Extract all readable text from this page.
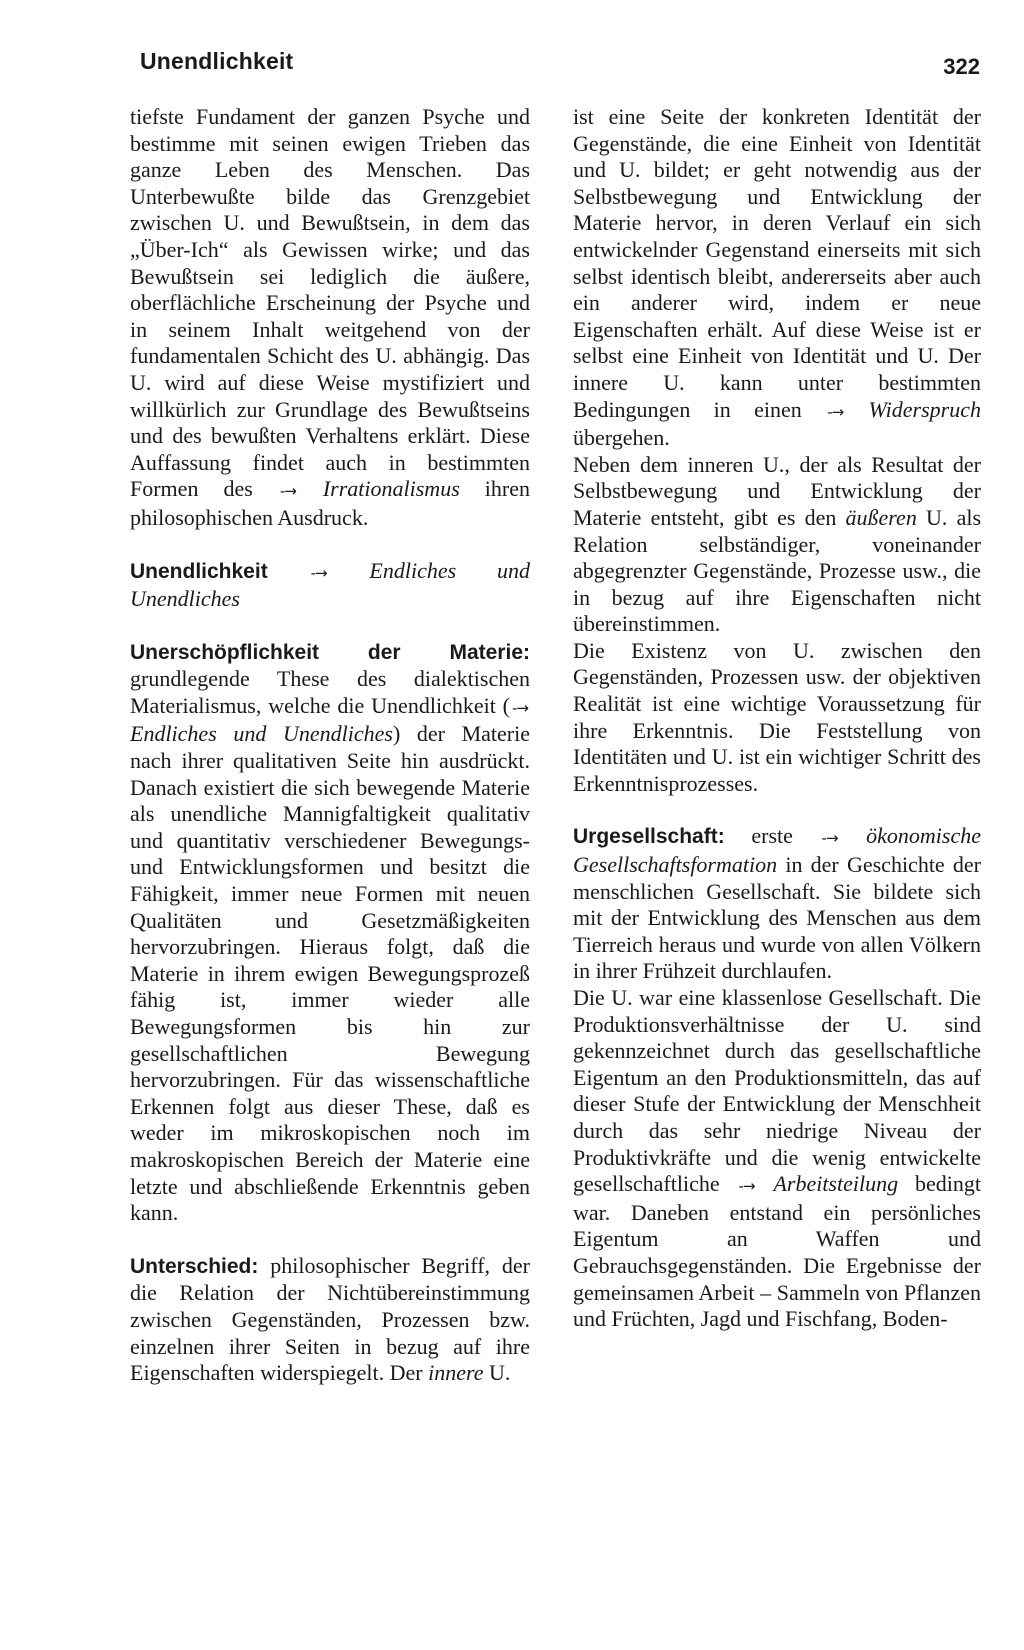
Unendlichkeit	322

tiefste Fundament der ganzen Psyche und bestimme mit seinen ewigen Trieben das ganze Leben des Menschen. Das Unterbewußte bilde das Grenzgebiet zwischen U. und Bewußtsein, in dem das „Über-Ich“ als Gewissen wirke; und das Bewußtsein sei lediglich die äußere, oberflächliche Erscheinung der Psyche und in seinem Inhalt weitgehend von der fundamentalen Schicht des U. abhängig. Das U. wird auf diese Weise mystifiziert und willkürlich zur Grundlage des Bewußtseins und des bewußten Verhaltens erklärt. Diese Auffassung findet auch in bestimmten Formen des -→ Irrationalismus ihren philosophischen Ausdruck.

Unendlichkeit	-→ Endliches und Unendliches

Unerschöpflichkeit der Materie: grundlegende These des dialektischen Materialismus, welche die Unendlichkeit ( -→ Endliches und Unendliches) der Materie nach ihrer qualitativen Seite hin ausdrückt. Danach existiert die sich bewegende Materie als unendliche Mannigfaltigkeit qualitativ und quantitativ verschiedener Bewegungs- und Entwicklungsformen und besitzt die Fähigkeit, immer neue Formen mit neuen Qualitäten und Gesetzmäßigkeiten hervorzubringen. Hieraus folgt, daß die Materie in ihrem ewigen Bewegungsprozeß fähig ist, immer wieder alle Bewegungsformen bis hin zur gesellschaftlichen Bewegung hervorzubringen. Für das wissenschaftliche Erkennen folgt aus dieser These, daß es weder im mikroskopischen noch im makroskopischen Bereich der Materie eine letzte und abschließende Erkenntnis geben kann.

Unterschied: philosophischer Begriff, der die Relation der Nichtübereinstimmung zwischen Gegenständen, Prozessen bzw. einzelnen ihrer Seiten in bezug auf ihre Eigenschaften widerspiegelt. Der innere U.

ist eine Seite der konkreten Identität der Gegenstände, die eine Einheit von Identität und U. bildet; er geht notwendig aus der Selbstbewegung und Entwicklung der Materie hervor, in deren Verlauf ein sich entwickelnder Gegenstand einerseits mit sich selbst identisch bleibt, andererseits aber auch ein anderer wird, indem er neue Eigenschaften erhält. Auf diese Weise ist er selbst eine Einheit von Identität und U. Der innere U. kann unter bestimmten Bedingungen in einen -→ Widerspruch übergehen.

Neben dem inneren U., der als Resultat der Selbstbewegung und Entwicklung der Materie entsteht, gibt es den äußeren U. als Relation selbständiger, voneinander abgegrenzter Gegenstände, Prozesse usw., die in bezug auf ihre Eigenschaften nicht übereinstimmen.

Die Existenz von U. zwischen den Gegenständen, Prozessen usw. der objektiven Realität ist eine wichtige Voraussetzung für ihre Erkenntnis. Die Feststellung von Identitäten und U. ist ein wichtiger Schritt des Erkenntnisprozesses.

Urgesellschaft: erste -→ ökonomische Gesellschaftsformation in der Geschichte der menschlichen Gesellschaft. Sie bildete sich mit der Entwicklung des Menschen aus dem Tierreich heraus und wurde von allen Völkern in ihrer Frühzeit durchlaufen.

Die U. war eine klassenlose Gesellschaft. Die Produktionsverhältnisse der U. sind gekennzeichnet durch das gesellschaftliche Eigentum an den Produktionsmitteln, das auf dieser Stufe der Entwicklung der Menschheit durch das sehr niedrige Niveau der Produktivkräfte und die wenig entwickelte gesellschaftliche -→ Arbeitsteilung bedingt war. Daneben entstand ein persönliches Eigentum an Waffen und Gebrauchsgegenständen. Die Ergebnisse der gemeinsamen Arbeit – Sammeln von Pflanzen und Früchten, Jagd und Fischfang, Boden-
